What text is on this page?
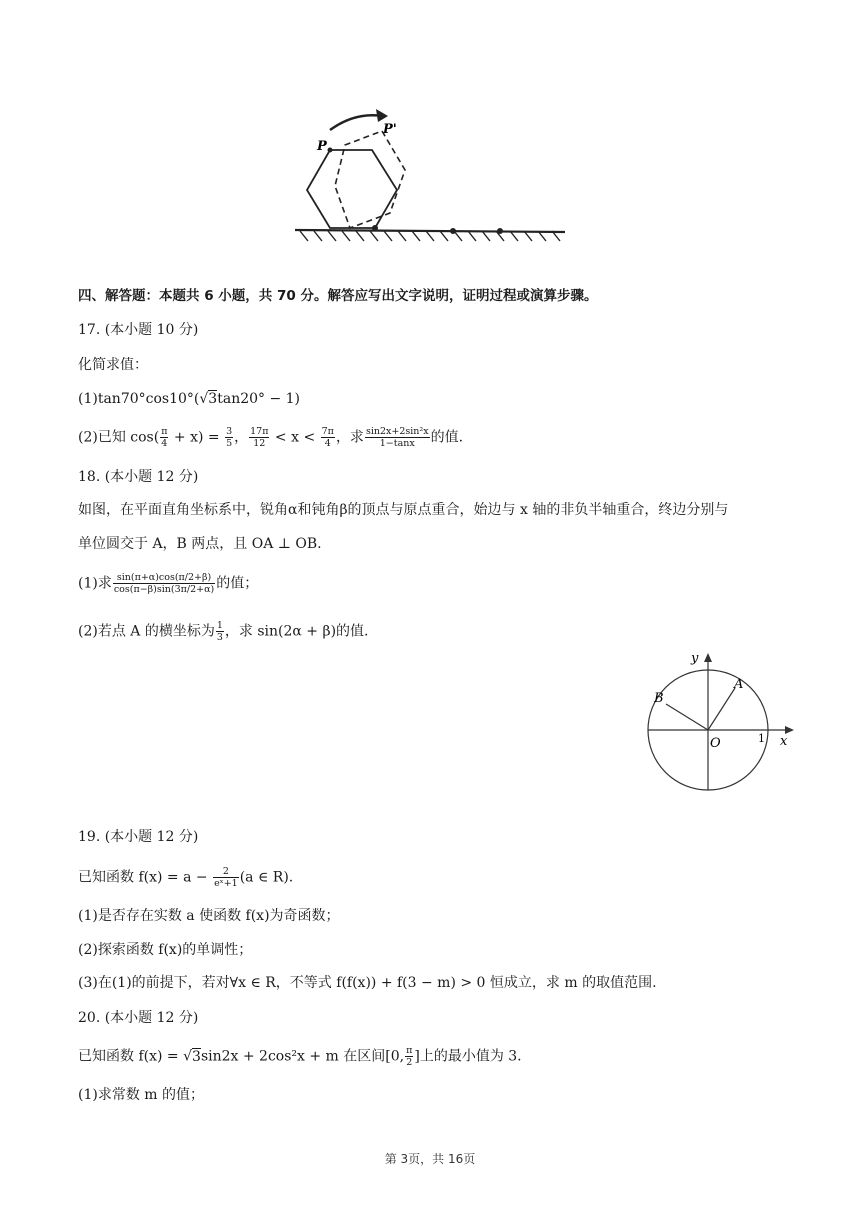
P
P'
四、解答题：本题共 6 小题，共 70 分。解答应写出文字说明，证明过程或演算步骤。
17. (本小题 10 分)
化简求值：
(1)tan70°cos10°(√3tan20° − 1)
(2)已知 $\cos( \frac{\pi}{4} + x) = \frac{3}{5}$ ， $\frac{17\pi}{12} < x < \frac{7\pi}{4}$ ，求 $\frac{\text{sin2x+2sin²x}}{1-\tan x}$ 的值.
18. (本小题 12 分)
如图，在平面直角坐标系中，锐角α和钝角β的顶点与原点重合，始边与 x 轴的非负半轴重合，终边分别与
单位圆交于 A，B 两点，且 OA ⊥ OB.
(1)求 $\frac{\sin(\pi+\alpha)\cos(\pi/2+\beta)}{\cos(\pi-\beta)\sin(3\pi/2+\alpha)}$ 的值；
(2)若点 A 的横坐标为 $\frac{1}{3}$ ，求 sin(2α + β)的值.
y
x
A
B
O	1
19. (本小题 12 分)
已知函数 $f(x) = a - \frac{2}{\text{eˣ+1}} (a$ ∈ R).
(1)是否存在实数 a 使函数 f(x)为奇函数；
(2)探索函数 f(x)的单调性；
(3)在(1)的前提下，若对∀x ∈ R，不等式 f(f(x)) + f(3 − m) > 0 恒成立，求 m 的取值范围.
20. (本小题 12 分)
已知函数 f(x) = √3sin2x + 2cos²x + m 在区间[0, $\frac{\pi}{2}$ ]上的最小值为 3.
(1)求常数 m 的值；
第 3页，共 16页
